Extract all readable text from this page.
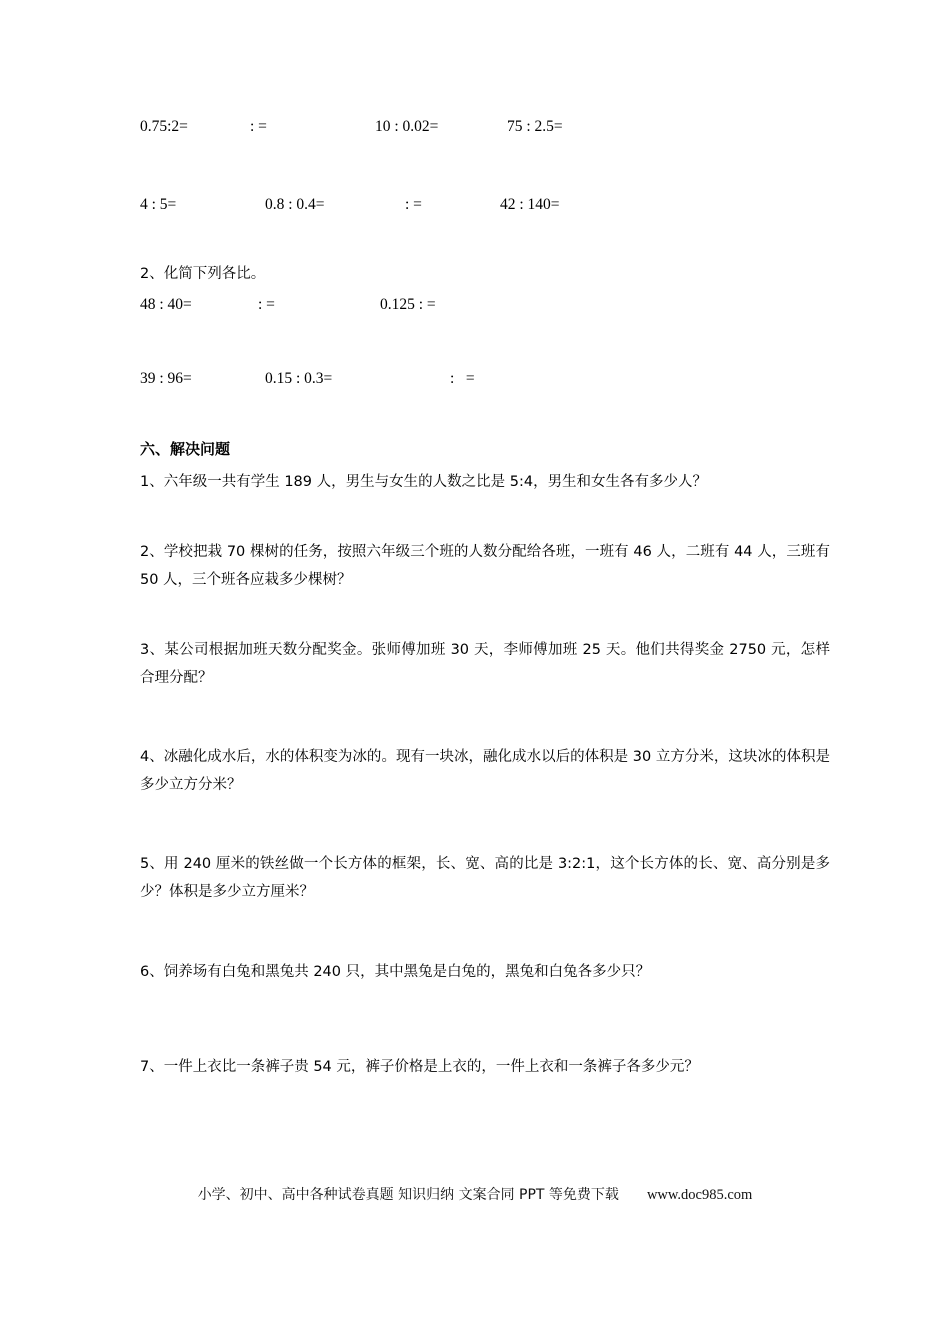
0.75:2=	: =	10 : 0.02=	75 : 2.5=
4 : 5=	0.8 : 0.4=	: =	42 : 140=
2、化简下列各比。
48 : 40=	: =	0.125 : =
39 : 96=	0.15 : 0.3=	:   =
六、解决问题
1、六年级一共有学生 189 人，男生与女生的人数之比是 5:4，男生和女生各有多少人？
2、学校把栽 70 棵树的任务，按照六年级三个班的人数分配给各班，一班有 46 人，二班有 44 人，三班有 50 人，三个班各应栽多少棵树？
3、某公司根据加班天数分配奖金。张师傅加班 30 天，李师傅加班 25 天。他们共得奖金 2750 元，怎样合理分配？
4、冰融化成水后，水的体积变为冰的。现有一块冰，融化成水以后的体积是 30 立方分米，这块冰的体积是多少立方分米？
5、用 240 厘米的铁丝做一个长方体的框架，长、宽、高的比是 3:2:1，这个长方体的长、宽、高分别是多少？体积是多少立方厘米？
6、饲养场有白兔和黑兔共 240 只，其中黑兔是白兔的，黑兔和白兔各多少只？
7、一件上衣比一条裤子贵 54 元，裤子价格是上衣的，一件上衣和一条裤子各多少元？
小学、初中、高中各种试卷真题 知识归纳 文案合同 PPT 等免费下载 www.doc985.com
